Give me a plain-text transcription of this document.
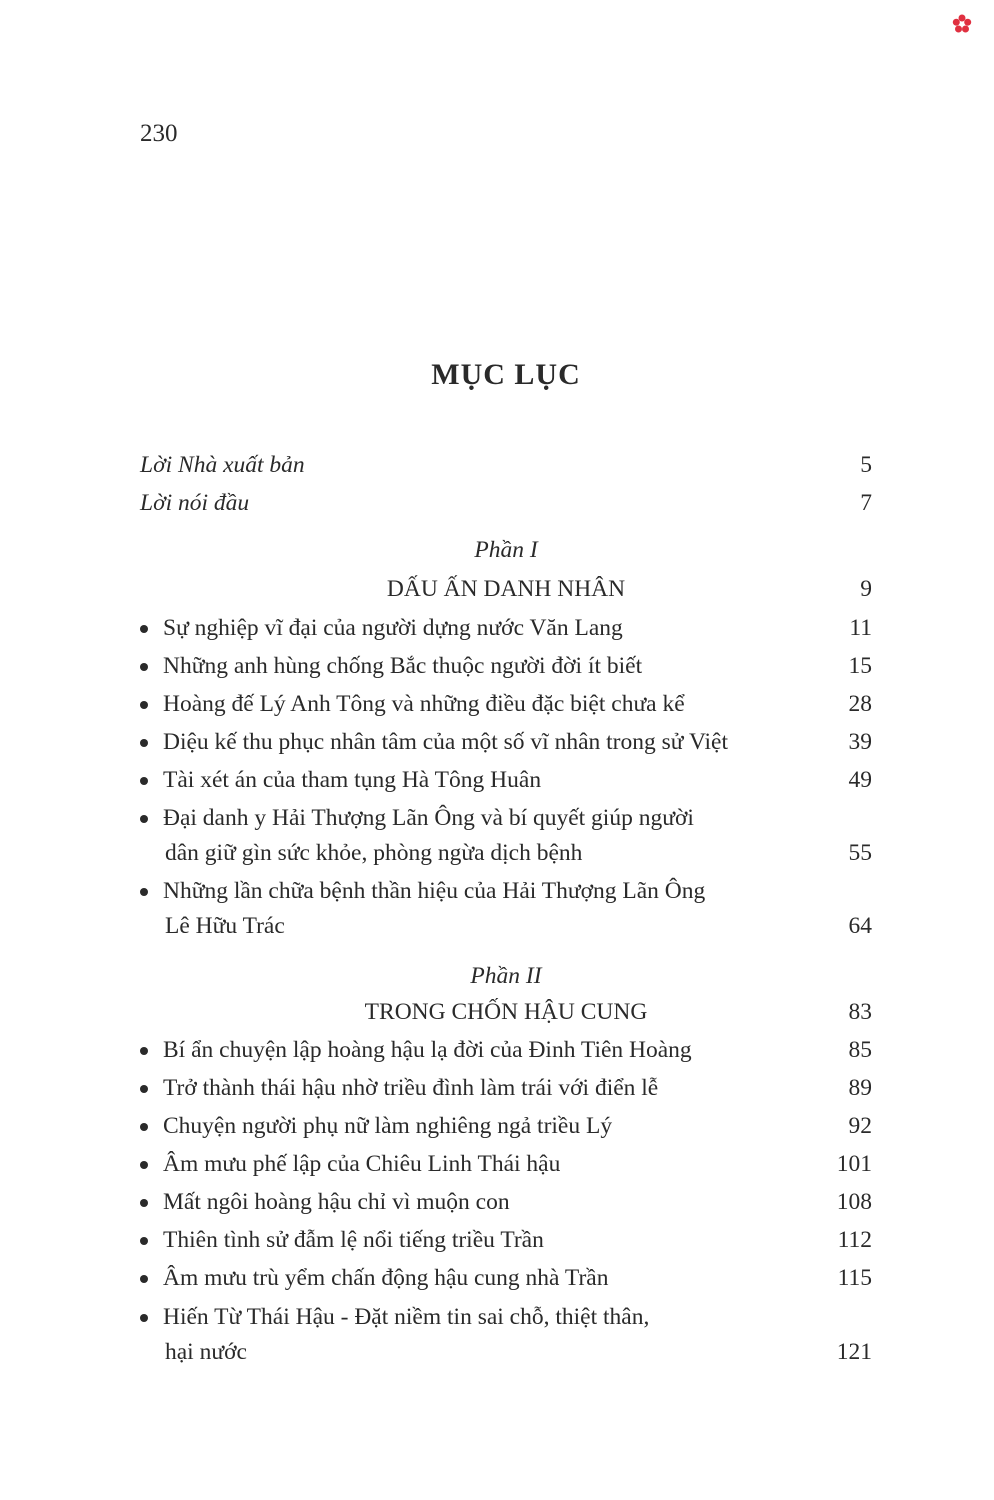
230
MỤC LỤC
Lời Nhà xuất bản	5
Lời nói đầu	7
Phần I
DẤU ẤN DANH NHÂN	9
Sự nghiệp vĩ đại của người dựng nước Văn Lang	11
Những anh hùng chống Bắc thuộc người đời ít biết	15
Hoàng đế Lý Anh Tông và những điều đặc biệt chưa kể	28
Diệu kế thu phục nhân tâm của một số vĩ nhân trong sử Việt	39
Tài xét án của tham tụng Hà Tông Huân	49
Đại danh y Hải Thượng Lãn Ông và bí quyết giúp người
dân giữ gìn sức khỏe, phòng ngừa dịch bệnh	55
Những lần chữa bệnh thần hiệu của Hải Thượng Lãn Ông
Lê Hữu Trác	64
Phần II
TRONG CHỐN HẬU CUNG	83
Bí ẩn chuyện lập hoàng hậu lạ đời của Đinh Tiên Hoàng	85
Trở thành thái hậu nhờ triều đình làm trái với điển lễ	89
Chuyện người phụ nữ làm nghiêng ngả triều Lý	92
Âm mưu phế lập của Chiêu Linh Thái hậu	101
Mất ngôi hoàng hậu chỉ vì muộn con	108
Thiên tình sử đẫm lệ nổi tiếng triều Trần	112
Âm mưu trù yểm chấn động hậu cung nhà Trần	115
Hiến Từ Thái Hậu - Đặt niềm tin sai chỗ, thiệt thân,
hại nước	121
